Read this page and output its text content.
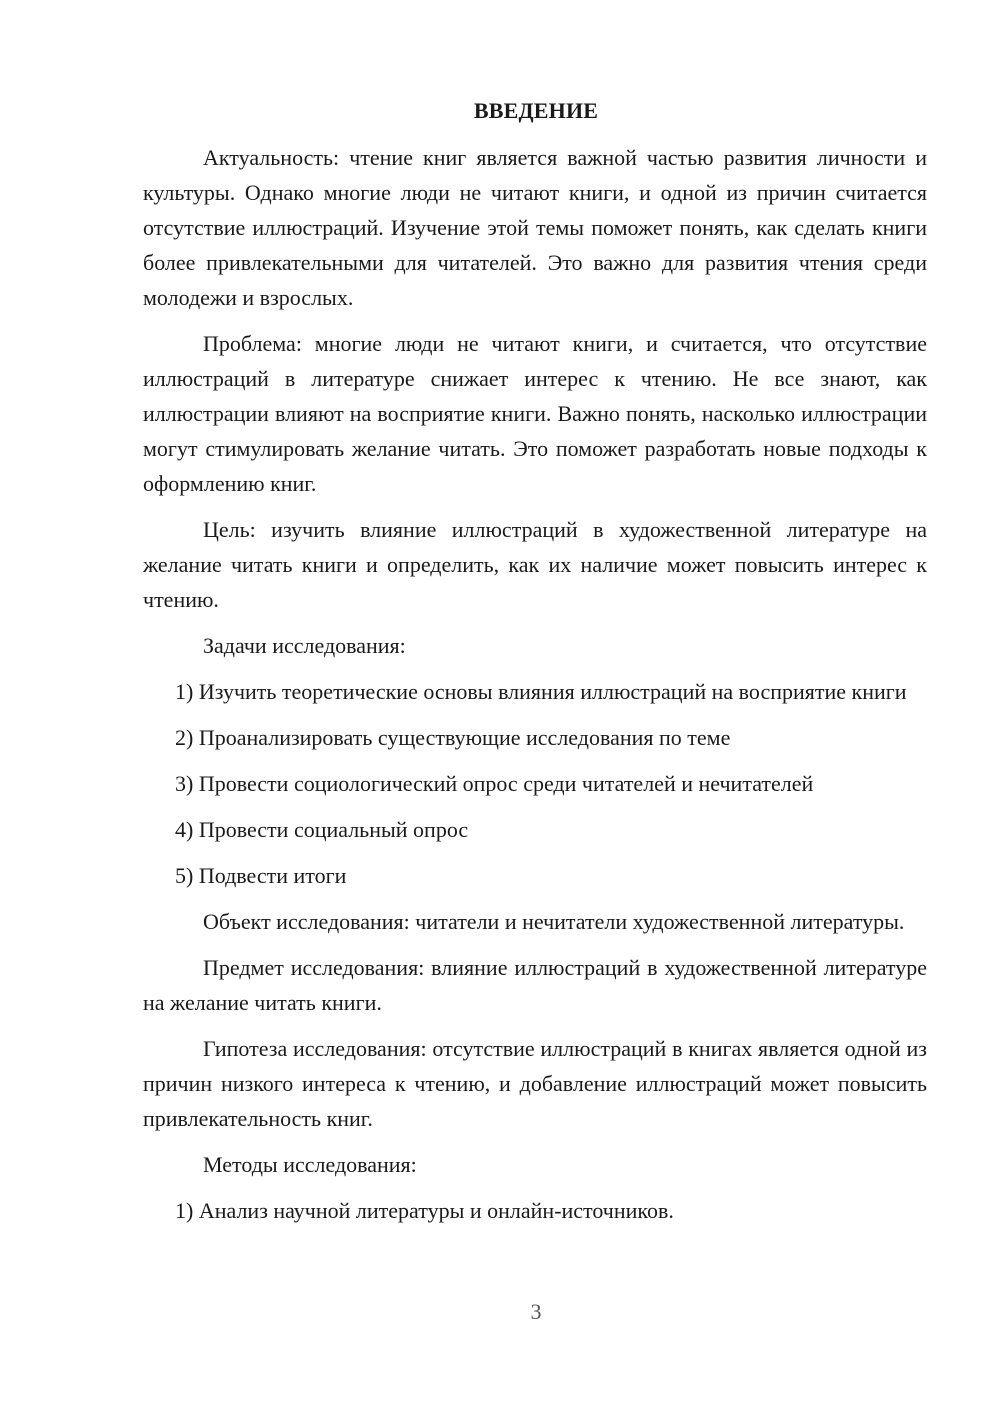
ВВЕДЕНИЕ

Актуальность: чтение книг является важной частью развития личности и культуры. Однако многие люди не читают книги, и одной из причин считается отсутствие иллюстраций. Изучение этой темы поможет понять, как сделать книги более привлекательными для читателей. Это важно для развития чтения среди молодежи и взрослых.

Проблема: многие люди не читают книги, и считается, что отсутствие иллюстраций в литературе снижает интерес к чтению. Не все знают, как иллюстрации влияют на восприятие книги. Важно понять, насколько иллюстрации могут стимулировать желание читать. Это поможет разработать новые подходы к оформлению книг.

Цель: изучить влияние иллюстраций в художественной литературе на желание читать книги и определить, как их наличие может повысить интерес к чтению.

Задачи исследования:

1) Изучить теоретические основы влияния иллюстраций на восприятие книги

2) Проанализировать существующие исследования по теме

3) Провести социологический опрос среди читателей и нечитателей

4) Провести социальный опрос

5) Подвести итоги

Объект исследования: читатели и нечитатели художественной литературы.

Предмет исследования: влияние иллюстраций в художественной литературе на желание читать книги.

Гипотеза исследования: отсутствие иллюстраций в книгах является одной из причин низкого интереса к чтению, и добавление иллюстраций может повысить привлекательность книг.

Методы исследования:

1) Анализ научной литературы и онлайн-источников.

3
